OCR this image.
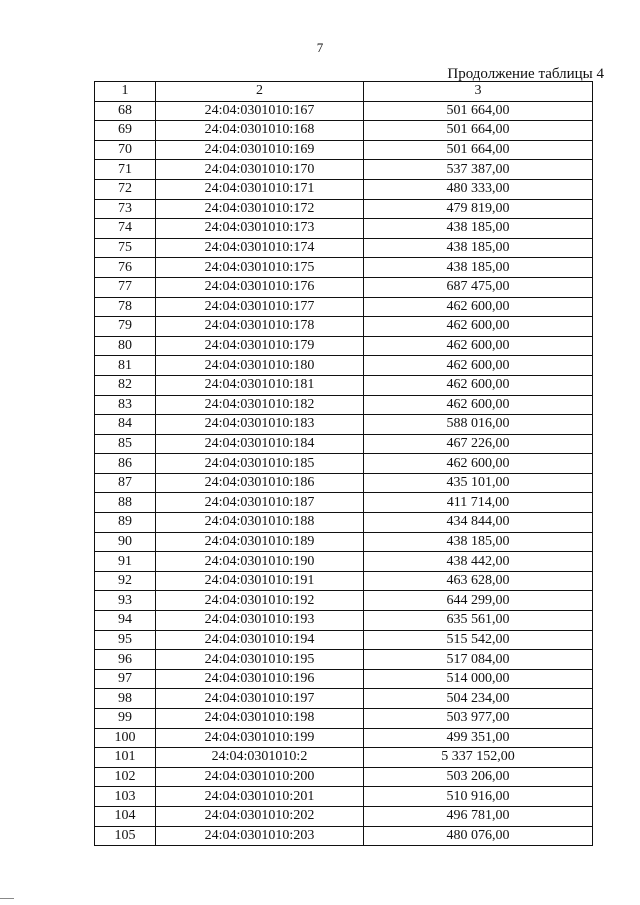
7
Продолжение таблицы 4
1	2	3
68	24:04:0301010:167	501 664,00
69	24:04:0301010:168	501 664,00
70	24:04:0301010:169	501 664,00
71	24:04:0301010:170	537 387,00
72	24:04:0301010:171	480 333,00
73	24:04:0301010:172	479 819,00
74	24:04:0301010:173	438 185,00
75	24:04:0301010:174	438 185,00
76	24:04:0301010:175	438 185,00
77	24:04:0301010:176	687 475,00
78	24:04:0301010:177	462 600,00
79	24:04:0301010:178	462 600,00
80	24:04:0301010:179	462 600,00
81	24:04:0301010:180	462 600,00
82	24:04:0301010:181	462 600,00
83	24:04:0301010:182	462 600,00
84	24:04:0301010:183	588 016,00
85	24:04:0301010:184	467 226,00
86	24:04:0301010:185	462 600,00
87	24:04:0301010:186	435 101,00
88	24:04:0301010:187	411 714,00
89	24:04:0301010:188	434 844,00
90	24:04:0301010:189	438 185,00
91	24:04:0301010:190	438 442,00
92	24:04:0301010:191	463 628,00
93	24:04:0301010:192	644 299,00
94	24:04:0301010:193	635 561,00
95	24:04:0301010:194	515 542,00
96	24:04:0301010:195	517 084,00
97	24:04:0301010:196	514 000,00
98	24:04:0301010:197	504 234,00
99	24:04:0301010:198	503 977,00
100	24:04:0301010:199	499 351,00
101	24:04:0301010:2	5 337 152,00
102	24:04:0301010:200	503 206,00
103	24:04:0301010:201	510 916,00
104	24:04:0301010:202	496 781,00
105	24:04:0301010:203	480 076,00
